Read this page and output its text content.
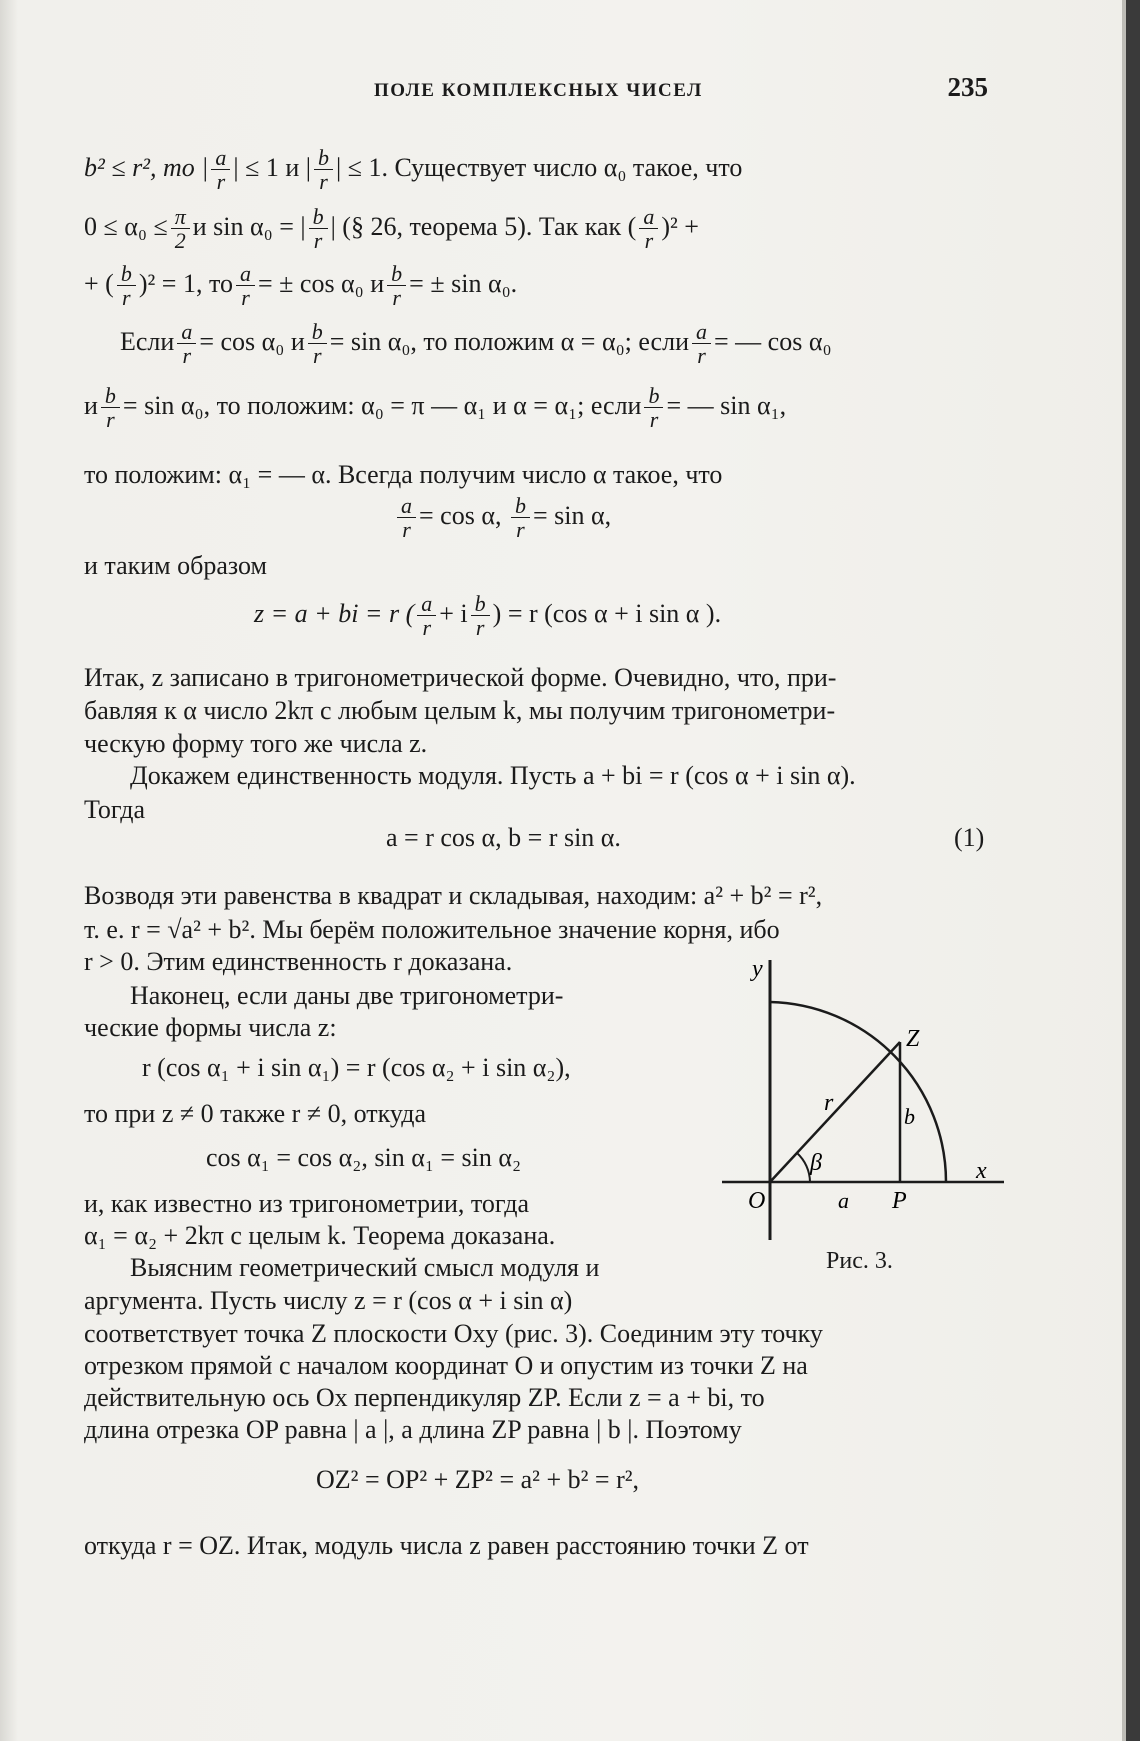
ПОЛЕ КОМПЛЕКСНЫХ ЧИСЕЛ	235
b² ≤ r², то | $\frac{a}{r}$ | ≤ 1 и | $\frac{b}{r}$ | ≤ 1. Существует число α₀ такое, что
$0 \le \alpha_0 \le \frac{\pi}{2}$ и sin α₀ = | $\frac{b}{r}$ | (§ 26, теорема 5). Так как ( $\frac{a}{r} )^2$ +
+ ( $\frac{b}{r} )^2 = 1$, то $\frac{a}{r}$ = ± cos α₀ и $\frac{b}{r}$ = ± sin α₀.
Если $\frac{a}{r} = \cos \alpha_0$ и $\frac{b}{r} = \sin \alpha_0$, то положим α = α₀; если $\frac{a}{r}$ = — cos α₀
и $\frac{b}{r} = \sin \alpha_0$, то положим: α₀ = π — α₁ и α = α₁; если $\frac{b}{r}$ = — sin α₁,
то положим: α₁ = — α. Всегда получим число α такое, что
$\frac{a}{r} = \cos \alpha$, $\frac{b}{r} = \sin \alpha$,
и таким образом
z = a + bi = r ( $\frac{a}{r} + i \frac{b}{r}$ ) = r (cos α + i sin α ).
Итак, z записано в тригонометрической форме. Очевидно, что, при-
бавляя к α число 2kπ с любым целым k, мы получим тригонометри-
ческую форму того же числа z.
Докажем единственность модуля. Пусть a + bi = r (cos α + i sin α).
Тогда
a = r cos α, b = r sin α.	(1)
Возводя эти равенства в квадрат и складывая, находим: a² + b² = r²,
т. е. r = √a² + b². Мы берём положительное значение корня, ибо
r > 0. Этим единственность r доказана.
Наконец, если даны две тригонометри-
ческие формы числа z:
r (cos α₁ + i sin α₁) = r (cos α₂ + i sin α₂),
то при z ≠ 0 также r ≠ 0, откуда
cos α₁ = cos α₂, sin α₁ = sin α₂
и, как известно из тригонометрии, тогда
α₁ = α₂ + 2kπ с целым k. Теорема доказана.
Выясним геометрический смысл модуля и
аргумента. Пусть числу z = r (cos α + i sin α)
соответствует точка Z плоскости Oxy (рис. 3). Соединим эту точку
отрезком прямой с началом координат O и опустим из точки Z на
действительную ось Ox перпендикуляр ZP. Если z = a + bi, то
длина отрезка OP равна | a |, а длина ZP равна | b |. Поэтому
OZ² = OP² + ZP² = a² + b² = r²,
откуда r = OZ. Итак, модуль числа z равен расстоянию точки Z от
y
x
O
Z
r
b
a P
β
Рис. 3.
